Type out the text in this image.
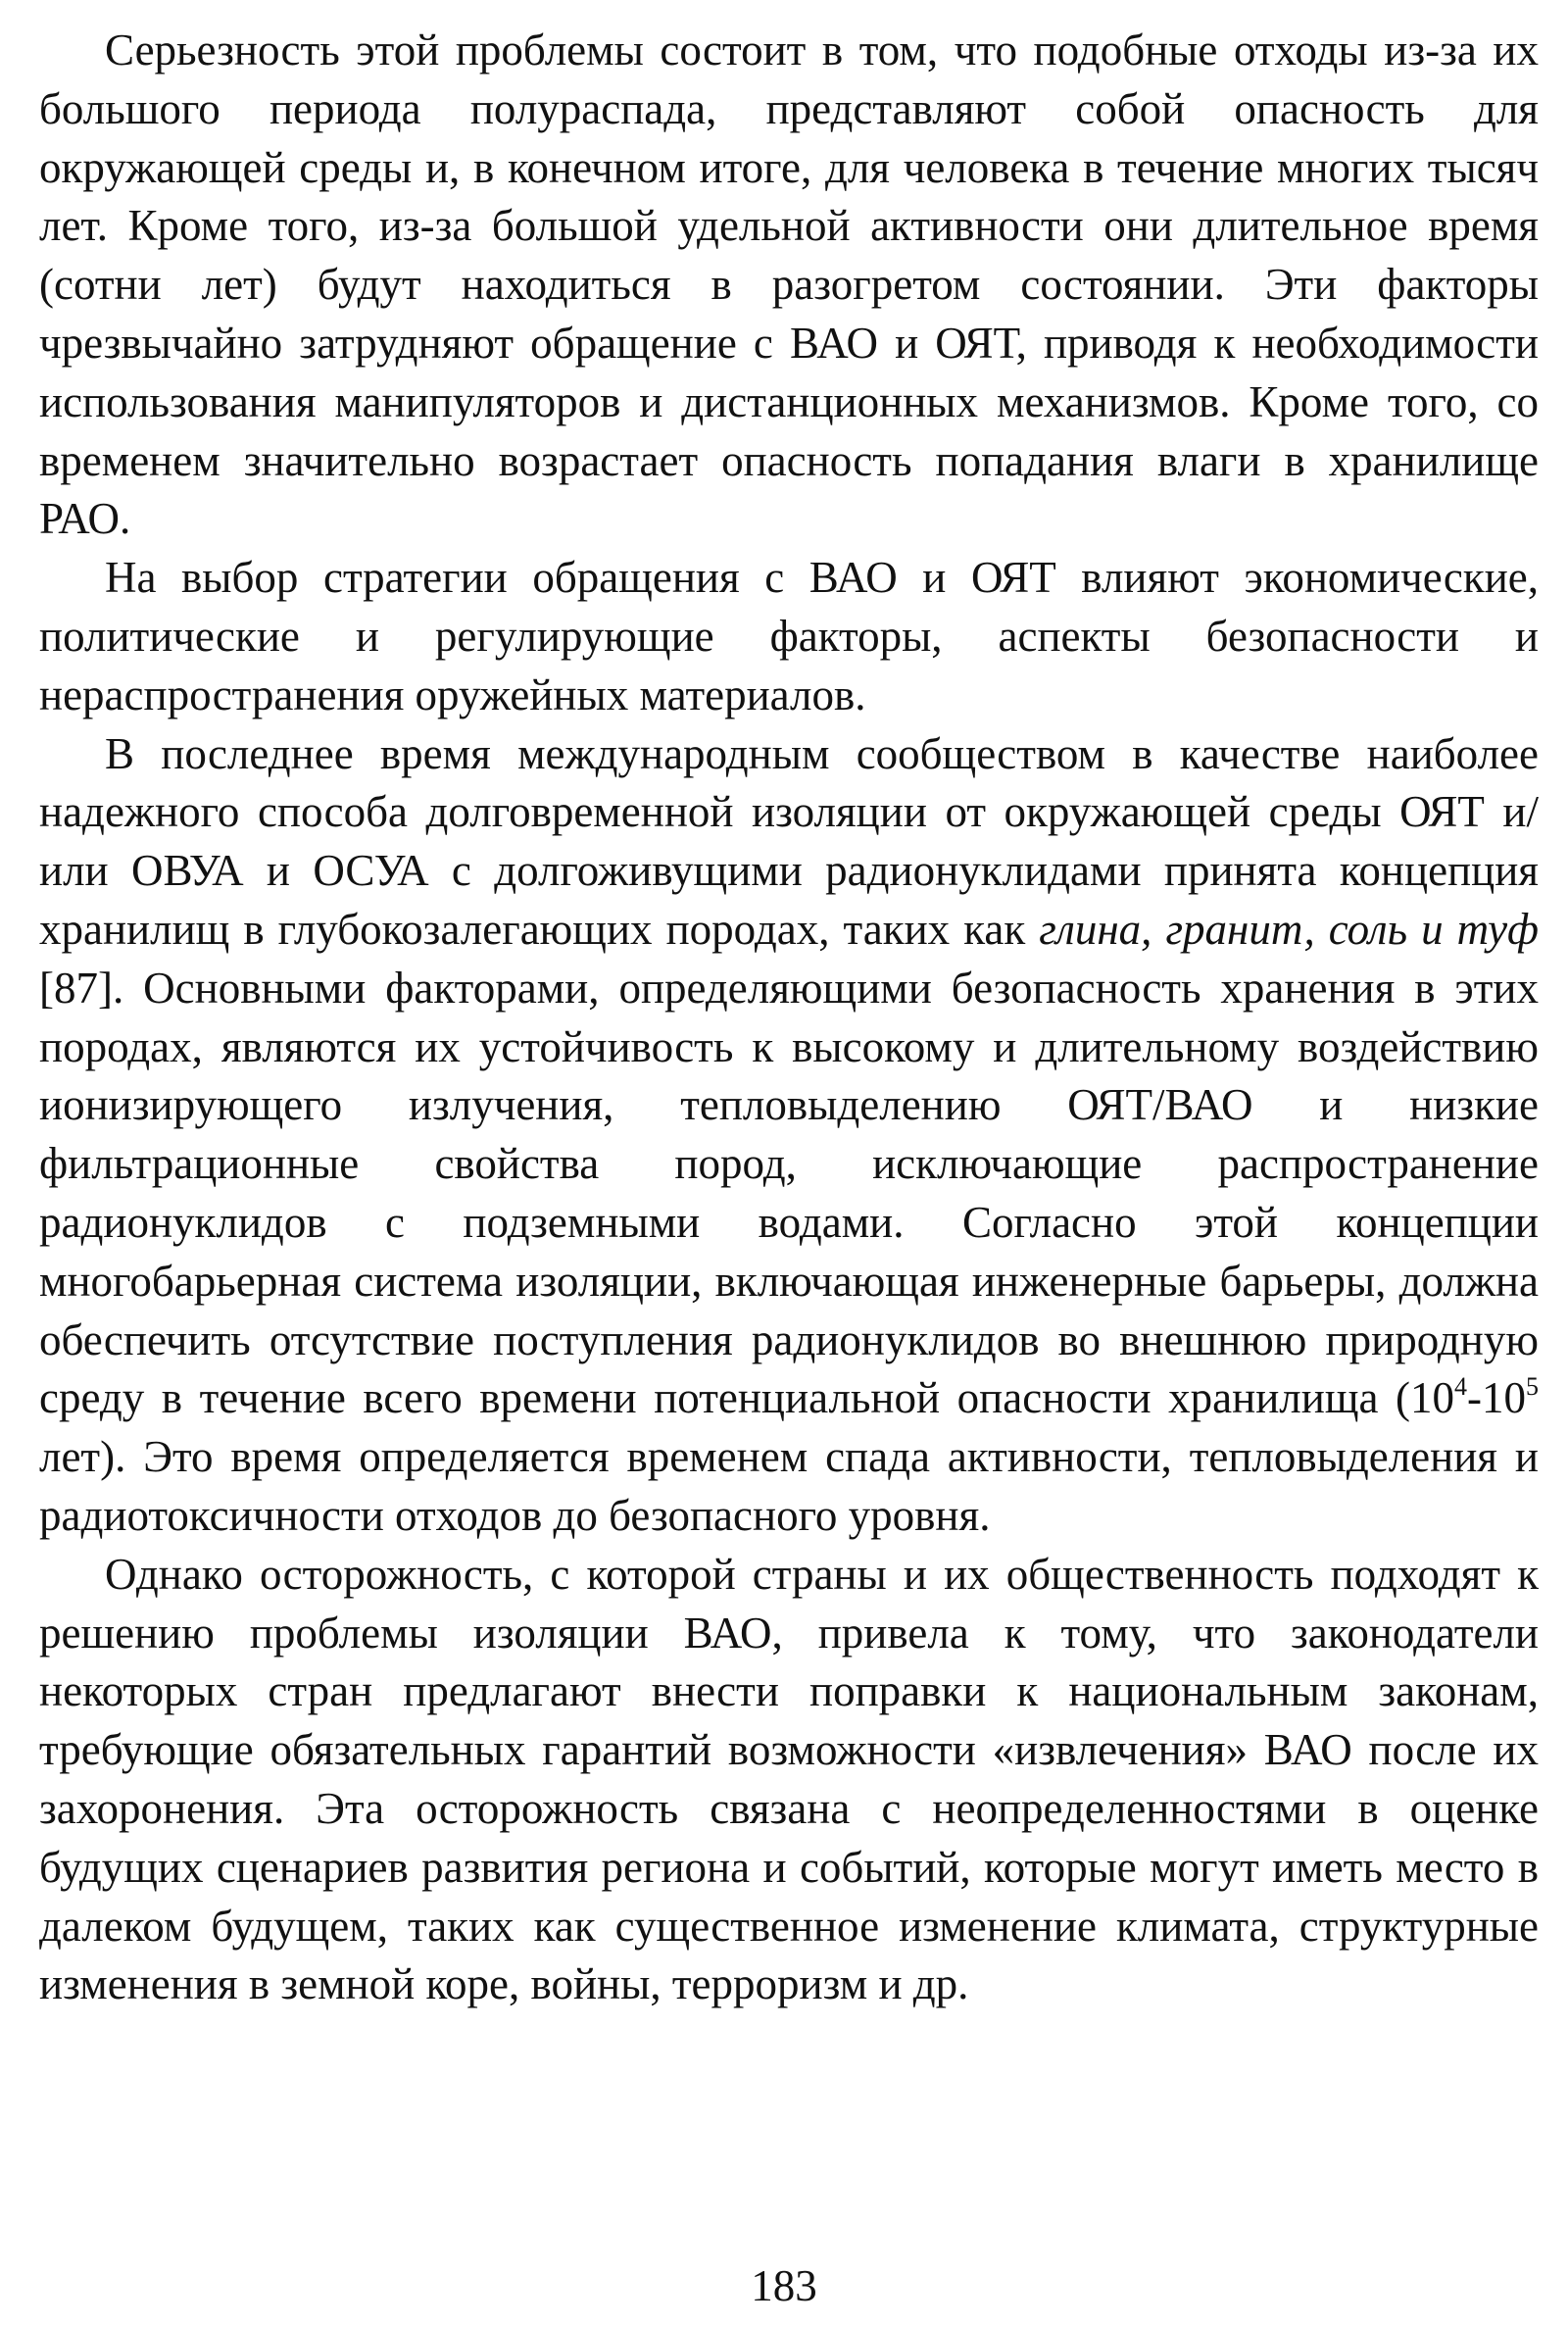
Серьезность этой проблемы состоит в том, что подобные отходы из-за их большого периода полураспада, представляют собой опасность для окружающей среды и, в конечном итоге, для человека в течение многих тысяч лет. Кроме того, из-за большой удельной активности они длительное время (сотни лет) будут находиться в разогретом состоянии. Эти факторы чрезвычайно затрудняют обращение с ВАО и ОЯТ, приводя к необходимости использования манипуляторов и дистанционных механизмов. Кроме того, со временем значительно возрастает опасность попадания влаги в хранилище РАО.

На выбор стратегии обращения с ВАО и ОЯТ влияют экономические, политические и регулирующие факторы, аспекты безопасности и нераспространения оружейных материалов.

В последнее время международным сообществом в качестве наиболее надежного способа долговременной изоляции от окружающей среды ОЯТ и/или ОВУА и ОСУА с долгоживущими радионуклидами принята концепция хранилищ в глубокозалегающих породах, таких как глина, гранит, соль и туф [87]. Основными факторами, определяющими безопасность хранения в этих породах, являются их устойчивость к высокому и длительному воздействию ионизирующего излучения, тепловыделению ОЯТ/ВАО и низкие фильтрационные свойства пород, исключающие распространение радионуклидов с подземными водами. Согласно этой концепции многобарьерная система изоляции, включающая инженерные барьеры, должна обеспечить отсутствие поступления радионуклидов во внешнюю природную среду в течение всего времени потенциальной опасности хранилища ($10^4-10^5$ лет). Это время определяется временем спада активности, тепловыделения и радиотоксичности отходов до безопасного уровня.

Однако осторожность, с которой страны и их общественность подходят к решению проблемы изоляции ВАО, привела к тому, что законодатели некоторых стран предлагают внести поправки к национальным законам, требующие обязательных гарантий возможности «извлечения» ВАО после их захоронения. Эта осторожность связана с неопределенностями в оценке будущих сценариев развития региона и событий, которые могут иметь место в далеком будущем, таких как существенное изменение климата, структурные изменения в земной коре, войны, терроризм и др.

183
